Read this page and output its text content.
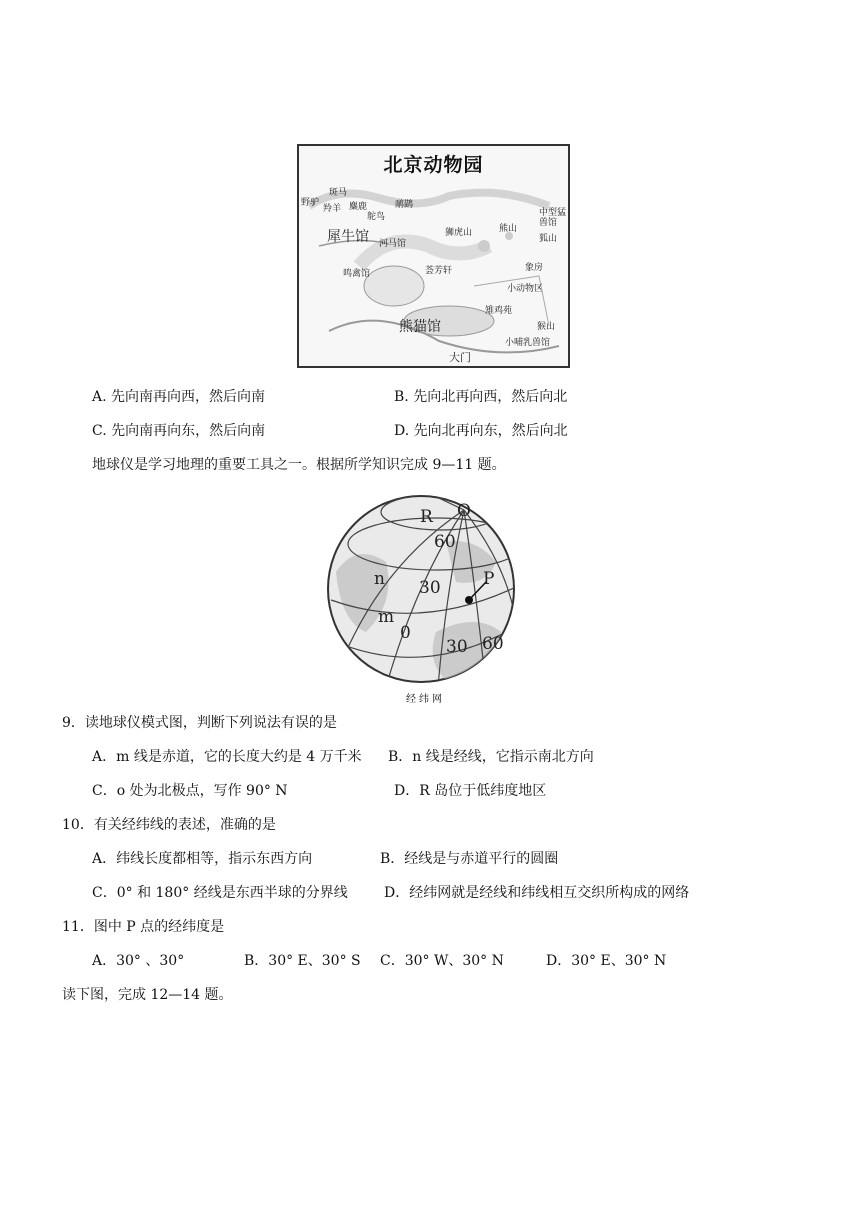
北京动物园
斑马
野驴
羚羊 麋鹿	鸸鹋
鸵鸟
犀牛馆 河马馆
狮虎山	熊山
中型猛兽馆
狐山
鸣禽馆	荟芳轩	象房
小动物区
熊猫馆
雉鸡苑
猴山
小哺乳兽馆
大门
A. 先向南再向西，然后向南	B. 先向北再向西，然后向北
C. 先向南再向东，然后向南	D. 先向北再向东，然后向北
地球仪是学习地理的重要工具之一。根据所学知识完成 9—11 题。
R O
60
n 30 P
m
0
30 60
经纬网
9．读地球仪模式图，判断下列说法有误的是
A．m 线是赤道，它的长度大约是 4 万千米 B．n 线是经线，它指示南北方向
C．o 处为北极点，写作 90° N	D．R 岛位于低纬度地区
10．有关经纬线的表述，准确的是
A．纬线长度都相等，指示东西方向	B．经线是与赤道平行的圆圈
C．0° 和 180° 经线是东西半球的分界线	D．经纬网就是经线和纬线相互交织所构成的网络
11．图中 P 点的经纬度是
A．30° 、30°	B．30° E、30° S C．30° W、30° N	D．30° E、30° N
读下图，完成 12—14 题。
